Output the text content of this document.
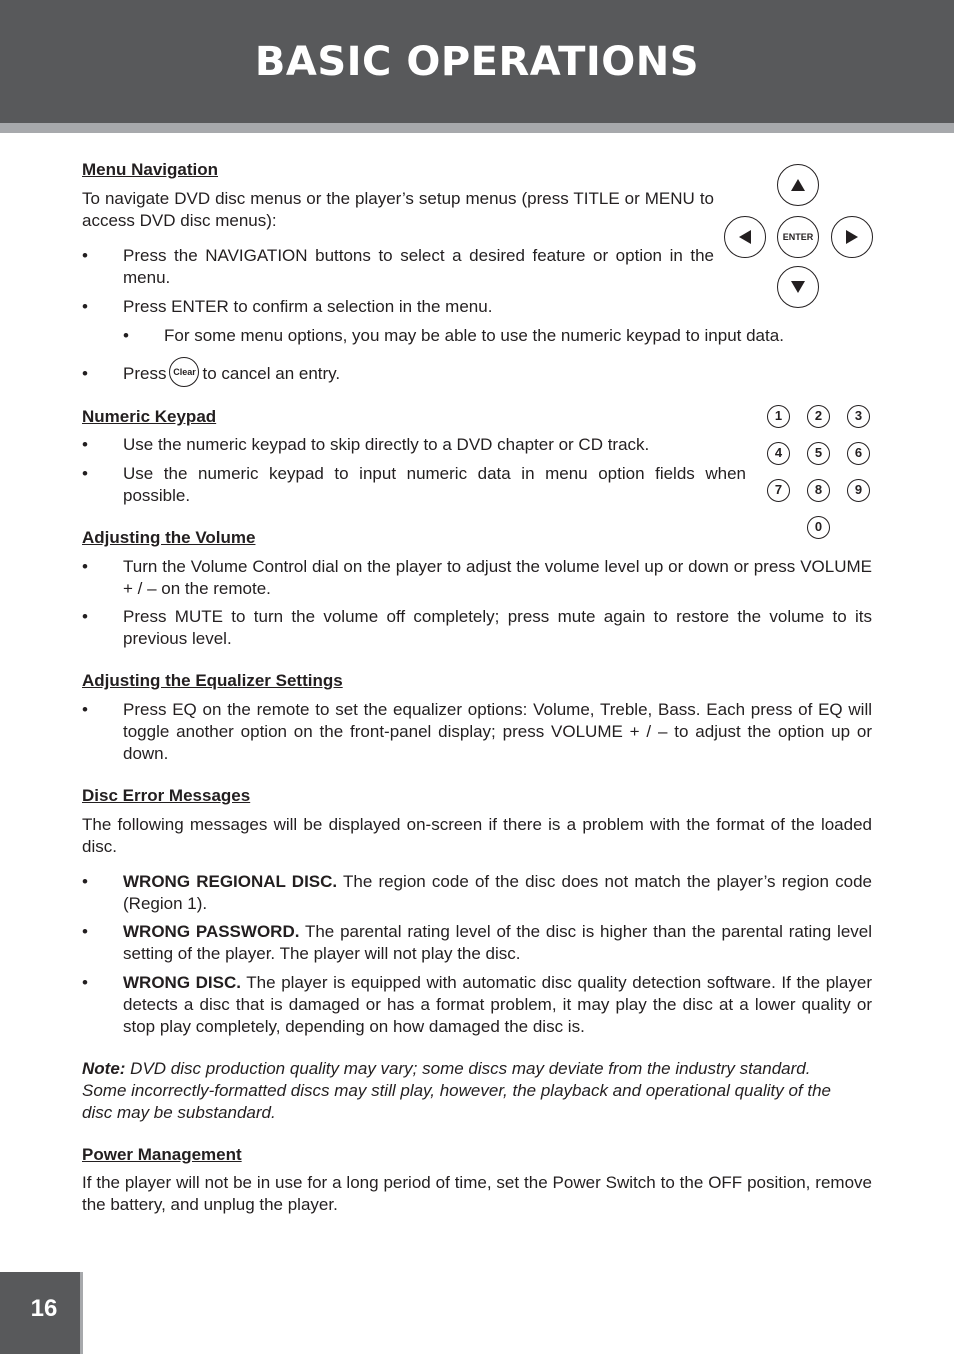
BASIC OPERATIONS
Menu Navigation
To navigate DVD disc menus or the player’s setup menus (press TITLE or MENU to access DVD disc menus):
•	Press the NAVIGATION buttons to select a desired feature or option in the menu.
•	Press ENTER to confirm a selection in the menu.
•	For some menu options, you may be able to use the numeric keypad to input data.
•	Press Clear to cancel an entry.
ENTER
Numeric Keypad
•	Use the numeric keypad to skip directly to a DVD chapter or CD track.
•	Use the numeric keypad to input numeric data in menu option fields when possible.
1	2	3
4	5	6
7	8	9
0
Adjusting the Volume
•	Turn the Volume Control dial on the player to adjust the volume level up or down or press VOLUME + / – on the remote.
•	Press MUTE to turn the volume off completely; press mute again to restore the volume to its previous level.
Adjusting the Equalizer Settings
•	Press EQ on the remote to set the equalizer options: Volume, Treble, Bass. Each press of EQ will toggle another option on the front-panel display; press VOLUME + / – to adjust the option up or down.
Disc Error Messages
The following messages will be displayed on-screen if there is a problem with the format of the loaded disc.
•	WRONG REGIONAL DISC. The region code of the disc does not match the player’s region code (Region 1).
•	WRONG PASSWORD. The parental rating level of the disc is higher than the parental rating level setting of the player. The player will not play the disc.
•	WRONG DISC. The player is equipped with automatic disc quality detection software. If the player detects a disc that is damaged or has a format problem, it may play the disc at a lower quality or stop play completely, depending on how damaged the disc is.
Note: DVD disc production quality may vary; some discs may deviate from the industry standard. Some incorrectly-formatted discs may still play, however, the playback and operational quality of the disc may be substandard.
Power Management
If the player will not be in use for a long period of time, set the Power Switch to the OFF position, remove the battery, and unplug the player.
16
